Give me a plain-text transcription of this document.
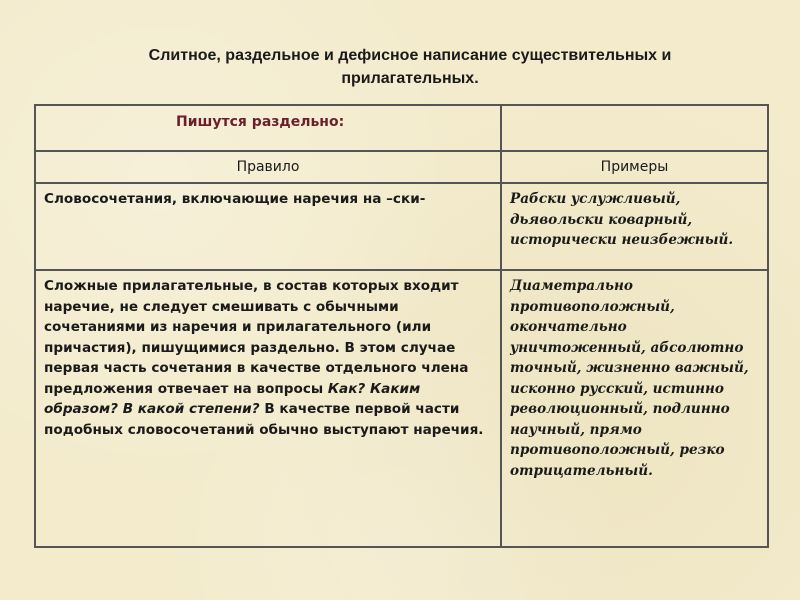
Слитное, раздельное и дефисное написание существительных и прилагательных.
Пишутся раздельно:	
Правило	Примеры
Словосочетания, включающие наречия на –ски-	Рабски услужливый, дьявольски коварный, исторически неизбежный.
Сложные прилагательные, в состав которых входит наречие, не следует смешивать с обычными сочетаниями из наречия и прилагательного (или причастия), пишущимися раздельно. В этом случае первая часть сочетания в качестве отдельного члена предложения отвечает на вопросы Как? Каким образом? В какой степени? В качестве первой части подобных словосочетаний обычно выступают наречия.	Диаметрально противоположный, окончательно уничтоженный, абсолютно точный, жизненно важный, исконно русский, истинно революционный, подлинно научный, прямо противоположный, резко отрицательный.
